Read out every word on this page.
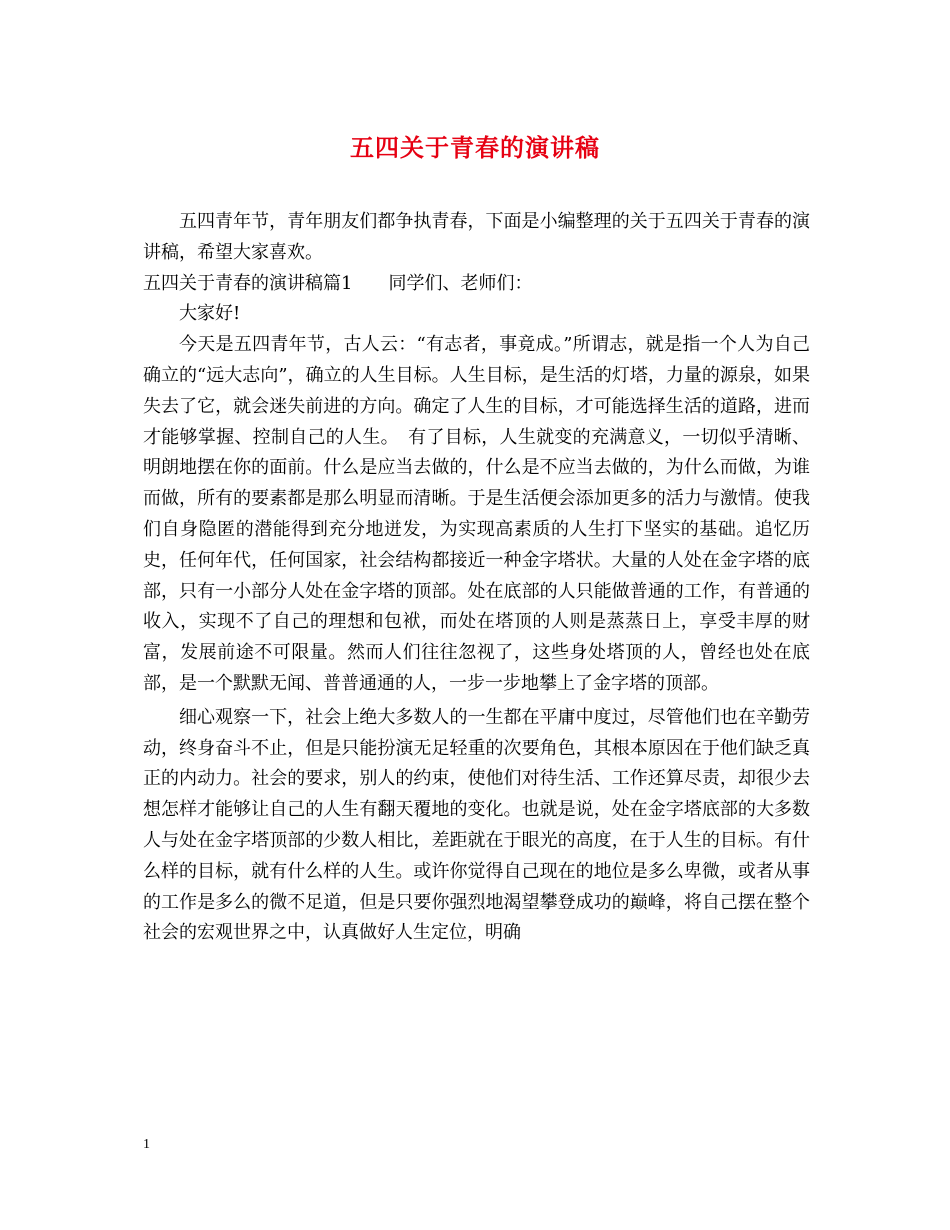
五四关于青春的演讲稿

五四青年节，青年朋友们都争执青春，下面是小编整理的关于五四关于青春的演讲稿，希望大家喜欢。

五四关于青春的演讲稿篇1　　同学们、老师们：

大家好!

今天是五四青年节，古人云：“有志者，事竟成。”所谓志，就是指一个人为自己确立的“远大志向”，确立的人生目标。人生目标，是生活的灯塔，力量的源泉，如果失去了它，就会迷失前进的方向。确定了人生的目标，才可能选择生活的道路，进而才能够掌握、控制自己的人生。　有了目标，人生就变的充满意义，一切似乎清晰、明朗地摆在你的面前。什么是应当去做的，什么是不应当去做的，为什么而做，为谁而做，所有的要素都是那么明显而清晰。于是生活便会添加更多的活力与激情。使我们自身隐匿的潜能得到充分地迸发，为实现高素质的人生打下坚实的基础。追忆历史，任何年代，任何国家，社会结构都接近一种金字塔状。大量的人处在金字塔的底部，只有一小部分人处在金字塔的顶部。处在底部的人只能做普通的工作，有普通的收入，实现不了自己的理想和包袱，而处在塔顶的人则是蒸蒸日上，享受丰厚的财富，发展前途不可限量。然而人们往往忽视了，这些身处塔顶的人，曾经也处在底部，是一个默默无闻、普普通通的人，一步一步地攀上了金字塔的顶部。

细心观察一下，社会上绝大多数人的一生都在平庸中度过，尽管他们也在辛勤劳动，终身奋斗不止，但是只能扮演无足轻重的次要角色，其根本原因在于他们缺乏真正的内动力。社会的要求，别人的约束，使他们对待生活、工作还算尽责，却很少去想怎样才能够让自己的人生有翻天覆地的变化。也就是说，处在金字塔底部的大多数人与处在金字塔顶部的少数人相比，差距就在于眼光的高度，在于人生的目标。有什么样的目标，就有什么样的人生。或许你觉得自己现在的地位是多么卑微，或者从事的工作是多么的微不足道，但是只要你强烈地渴望攀登成功的巅峰，将自己摆在整个社会的宏观世界之中，认真做好人生定位，明确

1
